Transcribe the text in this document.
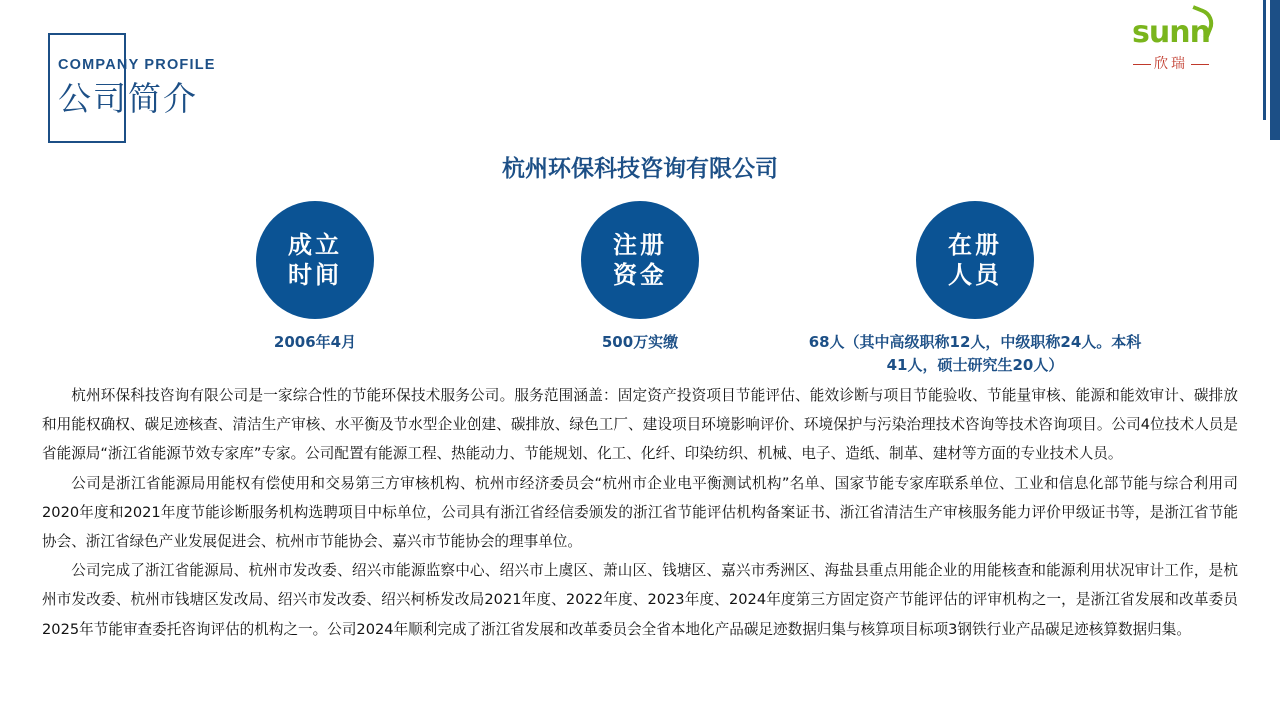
COMPANY PROFILE
公司简介
sunn
欣瑞
杭州环保科技咨询有限公司
成立
时间
2006年4月
注册
资金
500万实缴
在册
人员
68人（其中高级职称12人，中级职称24人。本科41人，硕士研究生20人）

杭州环保科技咨询有限公司是一家综合性的节能环保技术服务公司。服务范围涵盖：固定资产投资项目节能评估、能效诊断与项目节能验收、节能量审核、能源和能效审计、碳排放和用能权确权、碳足迹核查、清洁生产审核、水平衡及节水型企业创建、碳排放、绿色工厂、建设项目环境影响评价、环境保护与污染治理技术咨询等技术咨询项目。公司4位技术人员是省能源局“浙江省能源节效专家库”专家。公司配置有能源工程、热能动力、节能规划、化工、化纤、印染纺织、机械、电子、造纸、制革、建材等方面的专业技术人员。

公司是浙江省能源局用能权有偿使用和交易第三方审核机构、杭州市经济委员会“杭州市企业电平衡测试机构”名单、国家节能专家库联系单位、工业和信息化部节能与综合利用司2020年度和2021年度节能诊断服务机构选聘项目中标单位，公司具有浙江省经信委颁发的浙江省节能评估机构备案证书、浙江省清洁生产审核服务能力评价甲级证书等，是浙江省节能协会、浙江省绿色产业发展促进会、杭州市节能协会、嘉兴市节能协会的理事单位。

公司完成了浙江省能源局、杭州市发改委、绍兴市能源监察中心、绍兴市上虞区、萧山区、钱塘区、嘉兴市秀洲区、海盐县重点用能企业的用能核查和能源利用状况审计工作，是杭州市发改委、杭州市钱塘区发改局、绍兴市发改委、绍兴柯桥发改局2021年度、2022年度、2023年度、2024年度第三方固定资产节能评估的评审机构之一，是浙江省发展和改革委员2025年节能审查委托咨询评估的机构之一。公司2024年顺利完成了浙江省发展和改革委员会全省本地化产品碳足迹数据归集与核算项目标项3钢铁行业产品碳足迹核算数据归集。
